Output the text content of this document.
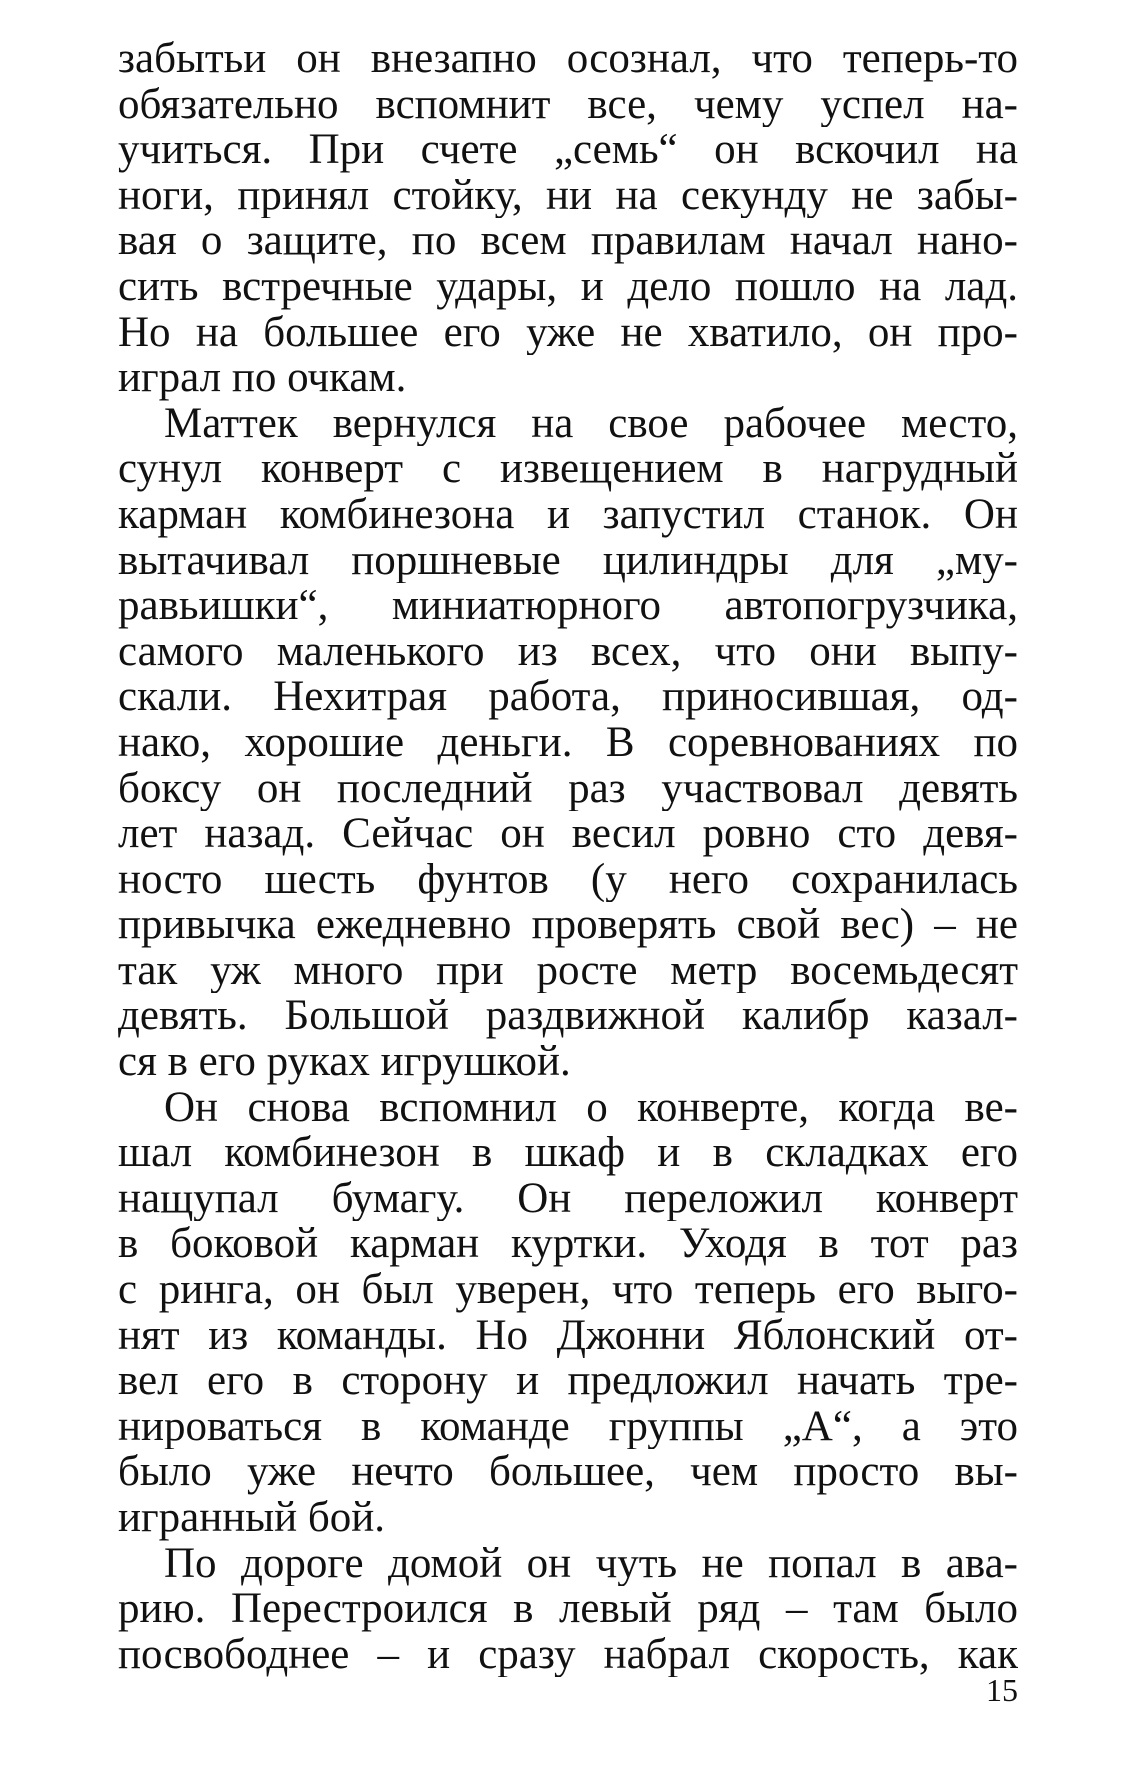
забытьи он внезапно осознал, что теперь-то
обязательно вспомнит все, чему успел на-
учиться. При счете „семь“ он вскочил на
ноги, принял стойку, ни на секунду не забы-
вая о защите, по всем правилам начал нано-
сить встречные удары, и дело пошло на лад.
Но на большее его уже не хватило, он про-
играл по очкам.
Маттек вернулся на свое рабочее место,
сунул конверт с извещением в нагрудный
карман комбинезона и запустил станок. Он
вытачивал поршневые цилиндры для „му-
равьишки“, миниатюрного автопогрузчика,
самого маленького из всех, что они выпу-
скали. Нехитрая работа, приносившая, од-
нако, хорошие деньги. В соревнованиях по
боксу он последний раз участвовал девять
лет назад. Сейчас он весил ровно сто девя-
носто шесть фунтов (у него сохранилась
привычка ежедневно проверять свой вес) – не
так уж много при росте метр восемьдесят
девять. Большой раздвижной калибр казал-
ся в его руках игрушкой.
Он снова вспомнил о конверте, когда ве-
шал комбинезон в шкаф и в складках его
нащупал бумагу. Он переложил конверт
в боковой карман куртки. Уходя в тот раз
с ринга, он был уверен, что теперь его выго-
нят из команды. Но Джонни Яблонский от-
вел его в сторону и предложил начать тре-
нироваться в команде группы „А“, а это
было уже нечто большее, чем просто вы-
игранный бой.
По дороге домой он чуть не попал в ава-
рию. Перестроился в левый ряд – там было
посвободнее – и сразу набрал скорость, как
15
